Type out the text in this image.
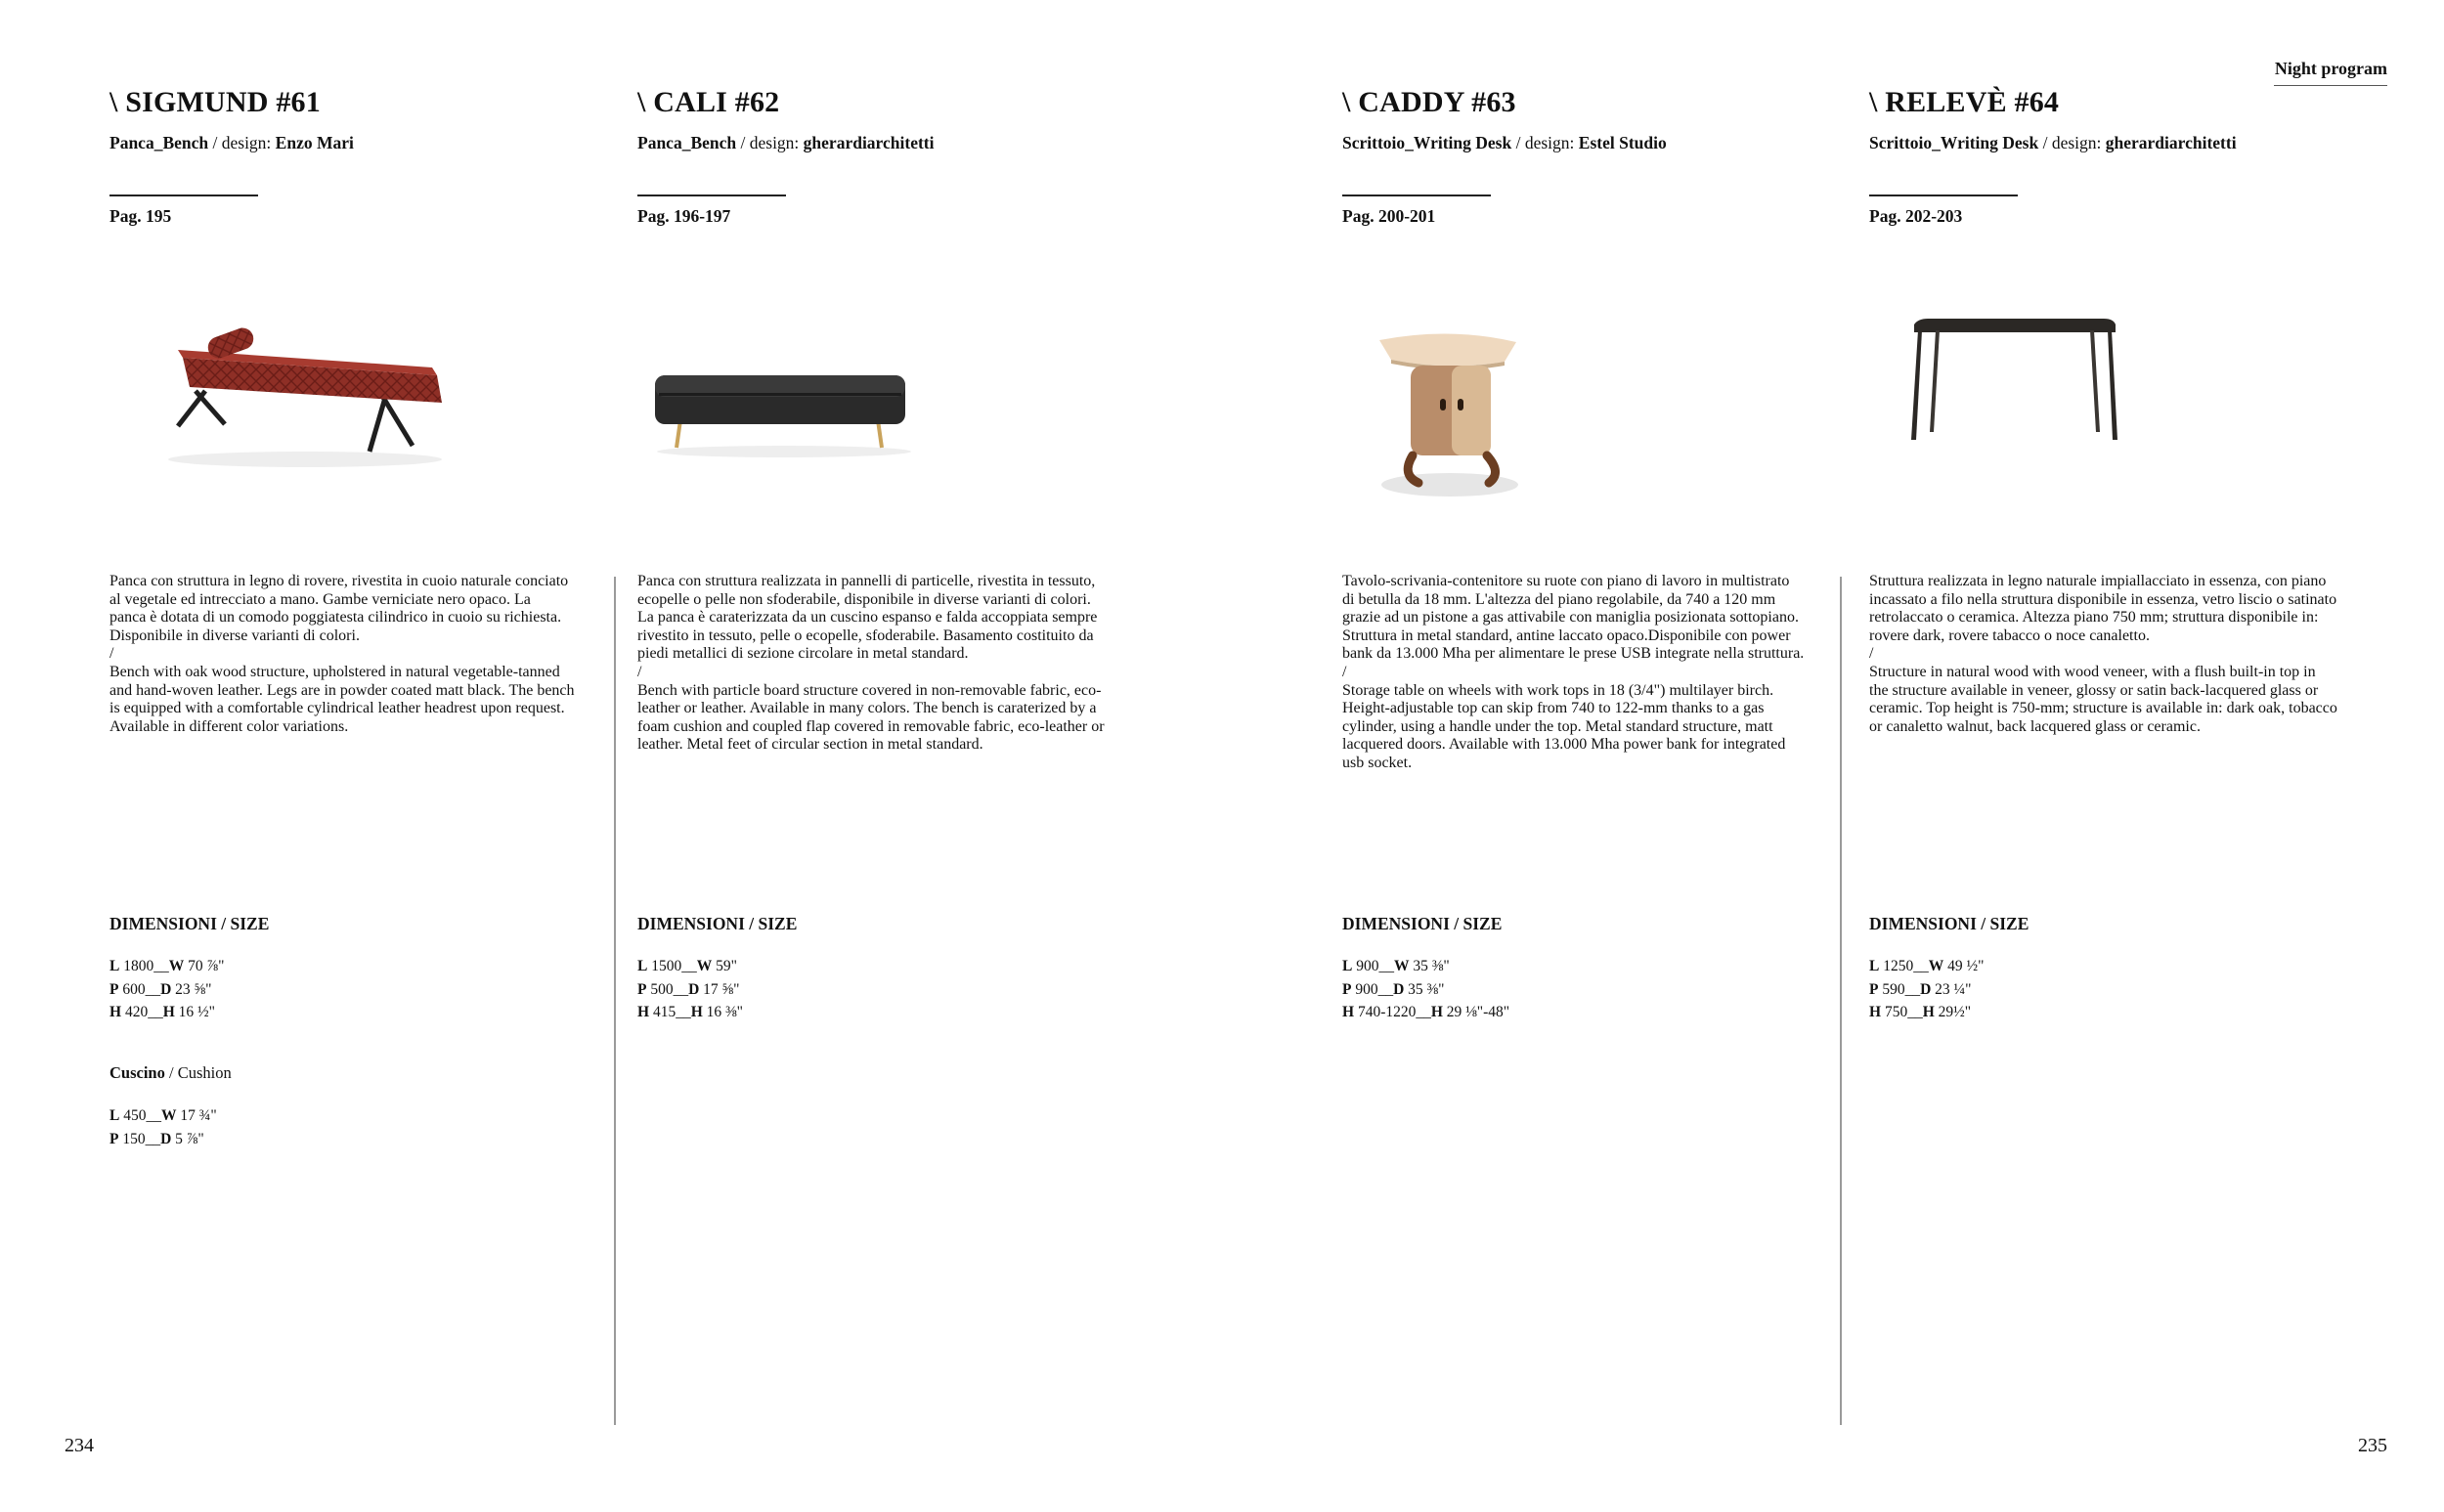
Night program
\ SIGMUND #61
Panca_Bench / design: Enzo Mari
Pag. 195

Panca con struttura in legno di rovere, rivestita in cuoio naturale conciato
al vegetale ed intrecciato a mano. Gambe verniciate nero opaco. La
panca è dotata di un comodo poggiatesta cilindrico in cuoio su richiesta.
Disponibile in diverse varianti di colori.

/

Bench with oak wood structure, upholstered in natural vegetable-tanned
and hand-woven leather. Legs are in powder coated matt black. The bench
is equipped with a comfortable cylindrical leather headrest upon request.
Available in different color variations.

DIMENSIONI / SIZE
L 1800__W 70 ⅞"
P 600__D 23 ⅝"
H 420__H 16 ½"
Cuscino / Cushion
L 450__W 17 ¾"
P 150__D 5 ⅞"
\ CALI #62
Panca_Bench / design: gherardiarchitetti
Pag. 196-197

Panca con struttura realizzata in pannelli di particelle, rivestita in tessuto,
ecopelle o pelle non sfoderabile, disponibile in diverse varianti di colori.
La panca è caraterizzata da un cuscino espanso e falda accoppiata sempre
rivestito in tessuto, pelle o ecopelle, sfoderabile. Basamento costituito da
piedi metallici di sezione circolare in metal standard.

/

Bench with particle board structure covered in non-removable fabric, eco-
leather or leather. Available in many colors. The bench is caraterized by a
foam cushion and coupled flap covered in removable fabric, eco-leather or
leather. Metal feet of circular section in metal standard.

DIMENSIONI / SIZE
L 1500__W 59"
P 500__D 17 ⅝"
H 415__H 16 ⅜"
\ CADDY #63
Scrittoio_Writing Desk / design: Estel Studio
Pag. 200-201

Tavolo-scrivania-contenitore su ruote con piano di lavoro in multistrato
di betulla da 18 mm. L'altezza del piano regolabile, da 740 a 120 mm
grazie ad un pistone a gas attivabile con maniglia posizionata sottopiano.
Struttura in metal standard, antine laccato opaco.Disponibile con power
bank da 13.000 Mha per alimentare le prese USB integrate nella struttura.

/

Storage table on wheels with work tops in 18 (3/4") multilayer birch.
Height-adjustable top can skip from 740 to 122-mm thanks to a gas
cylinder, using a handle under the top. Metal standard structure, matt
lacquered doors. Available with 13.000 Mha power bank for integrated
usb socket.

DIMENSIONI / SIZE
L 900__W 35 ⅜"
P 900__D 35 ⅜"
H 740-1220__H 29 ⅛"-48"
\ RELEVÈ #64
Scrittoio_Writing Desk / design: gherardiarchitetti
Pag. 202-203

Struttura realizzata in legno naturale impiallacciato in essenza, con piano
incassato a filo nella struttura disponibile in essenza, vetro liscio o satinato
retrolaccato o ceramica. Altezza piano 750 mm; struttura disponibile in:
rovere dark, rovere tabacco o noce canaletto.

/

Structure in natural wood with wood veneer, with a flush built-in top in
the structure available in veneer, glossy or satin back-lacquered glass or
ceramic. Top height is 750-mm; structure is available in: dark oak, tobacco
or canaletto walnut, back lacquered glass or ceramic.

DIMENSIONI / SIZE
L 1250__W 49 ½"
P 590__D 23 ¼"
H 750__H 29½"
234	235
